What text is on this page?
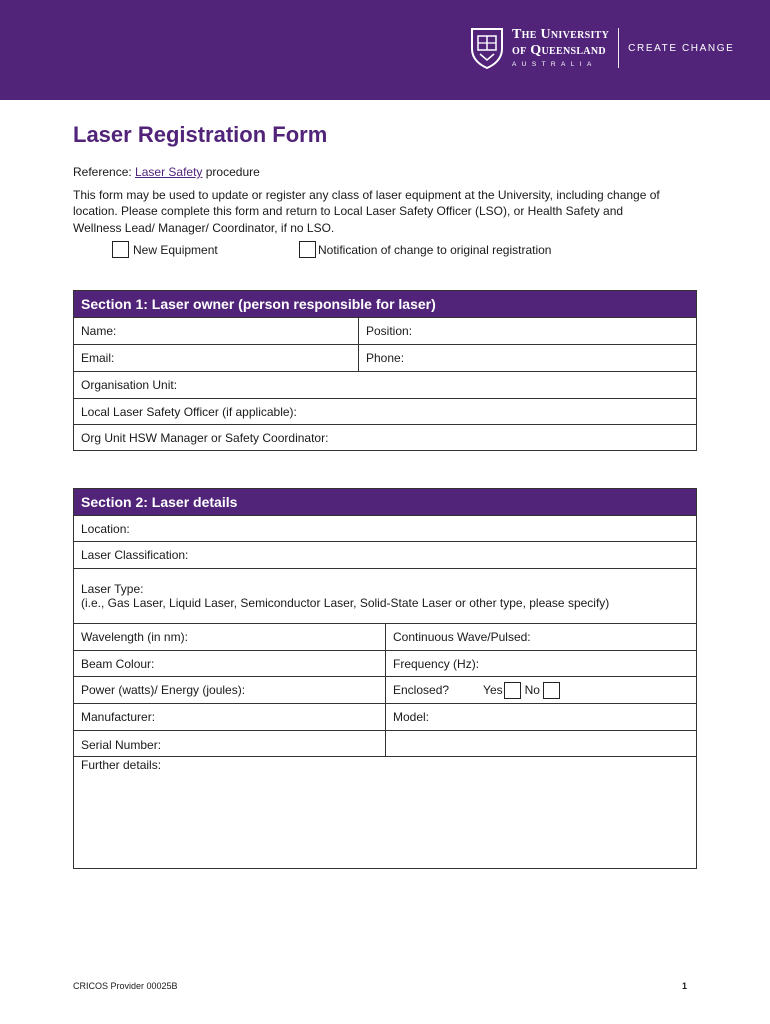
The University
of Queensland
AUSTRALIA
CREATE CHANGE
Laser Registration Form
Reference: Laser Safety procedure
This form may be used to update or register any class of laser equipment at the University, including change of location. Please complete this form and return to Local Laser Safety Officer (LSO), or Health Safety and Wellness Lead/ Manager/ Coordinator, if no LSO.
New Equipment	Notification of change to original registration
Section 1: Laser owner (person responsible for laser)
Name:	Position:
Email:	Phone:
Organisation Unit:
Local Laser Safety Officer (if applicable):
Org Unit HSW Manager or Safety Coordinator:
Section 2: Laser details
Location:
Laser Classification:
Laser Type:
(i.e., Gas Laser, Liquid Laser, Semiconductor Laser, Solid-State Laser or other type, please specify)
Wavelength (in nm):	Continuous Wave/Pulsed:
Beam Colour:	Frequency (Hz):
Power (watts)/ Energy (joules):	Enclosed?	Yes No
Manufacturer:	Model:
Serial Number:
Further details:
CRICOS Provider 00025B	1
